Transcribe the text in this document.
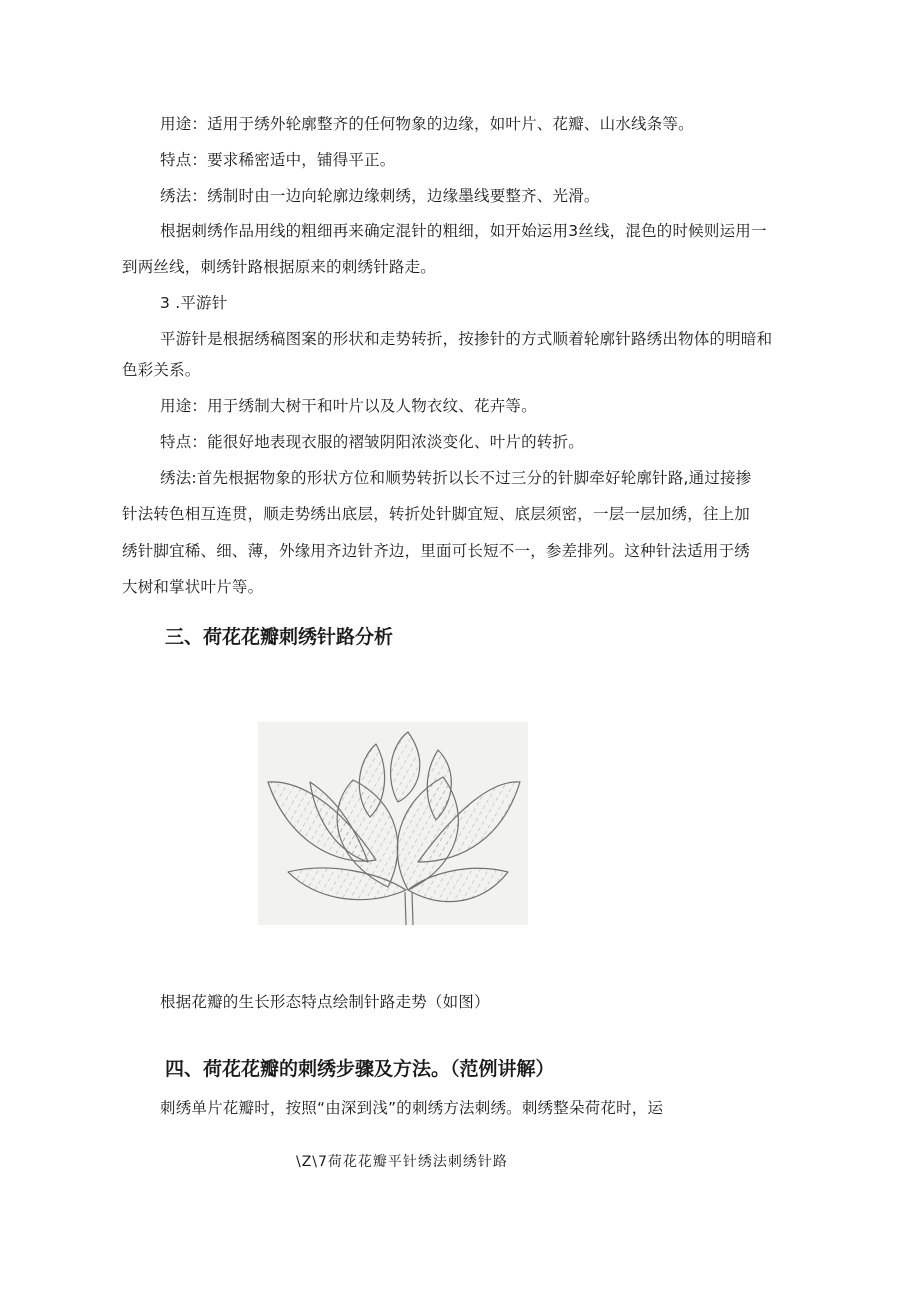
用途：适用于绣外轮廓整齐的任何物象的边缘，如叶片、花瓣、山水线条等。
特点：要求稀密适中，铺得平正。
绣法：绣制时由一边向轮廓边缘刺绣，边缘墨线要整齐、光滑。
根据刺绣作品用线的粗细再来确定混针的粗细，如开始运用3丝线，混色的时候则运用一
到两丝线，刺绣针路根据原来的刺绣针路走。
3 .平游针
平游针是根据绣稿图案的形状和走势转折，按掺针的方式顺着轮廓针路绣出物体的明暗和
色彩关系。
用途：用于绣制大树干和叶片以及人物衣纹、花卉等。
特点：能很好地表现衣服的褶皱阴阳浓淡变化、叶片的转折。
绣法:首先根据物象的形状方位和顺势转折以长不过三分的针脚牵好轮廓针路,通过接掺
针法转色相互连贯，顺走势绣出底层，转折处针脚宜短、底层须密，一层一层加绣，往上加
绣针脚宜稀、细、薄，外缘用齐边针齐边，里面可长短不一，参差排列。这种针法适用于绣
大树和掌状叶片等。
三、荷花花瓣刺绣针路分析
根据花瓣的生长形态特点绘制针路走势（如图）
四、荷花花瓣的刺绣步骤及方法。（范例讲解）
刺绣单片花瓣时，按照“由深到浅”的刺绣方法刺绣。刺绣整朵荷花时，运
\Z\7荷花花瓣平针绣法刺绣针路
